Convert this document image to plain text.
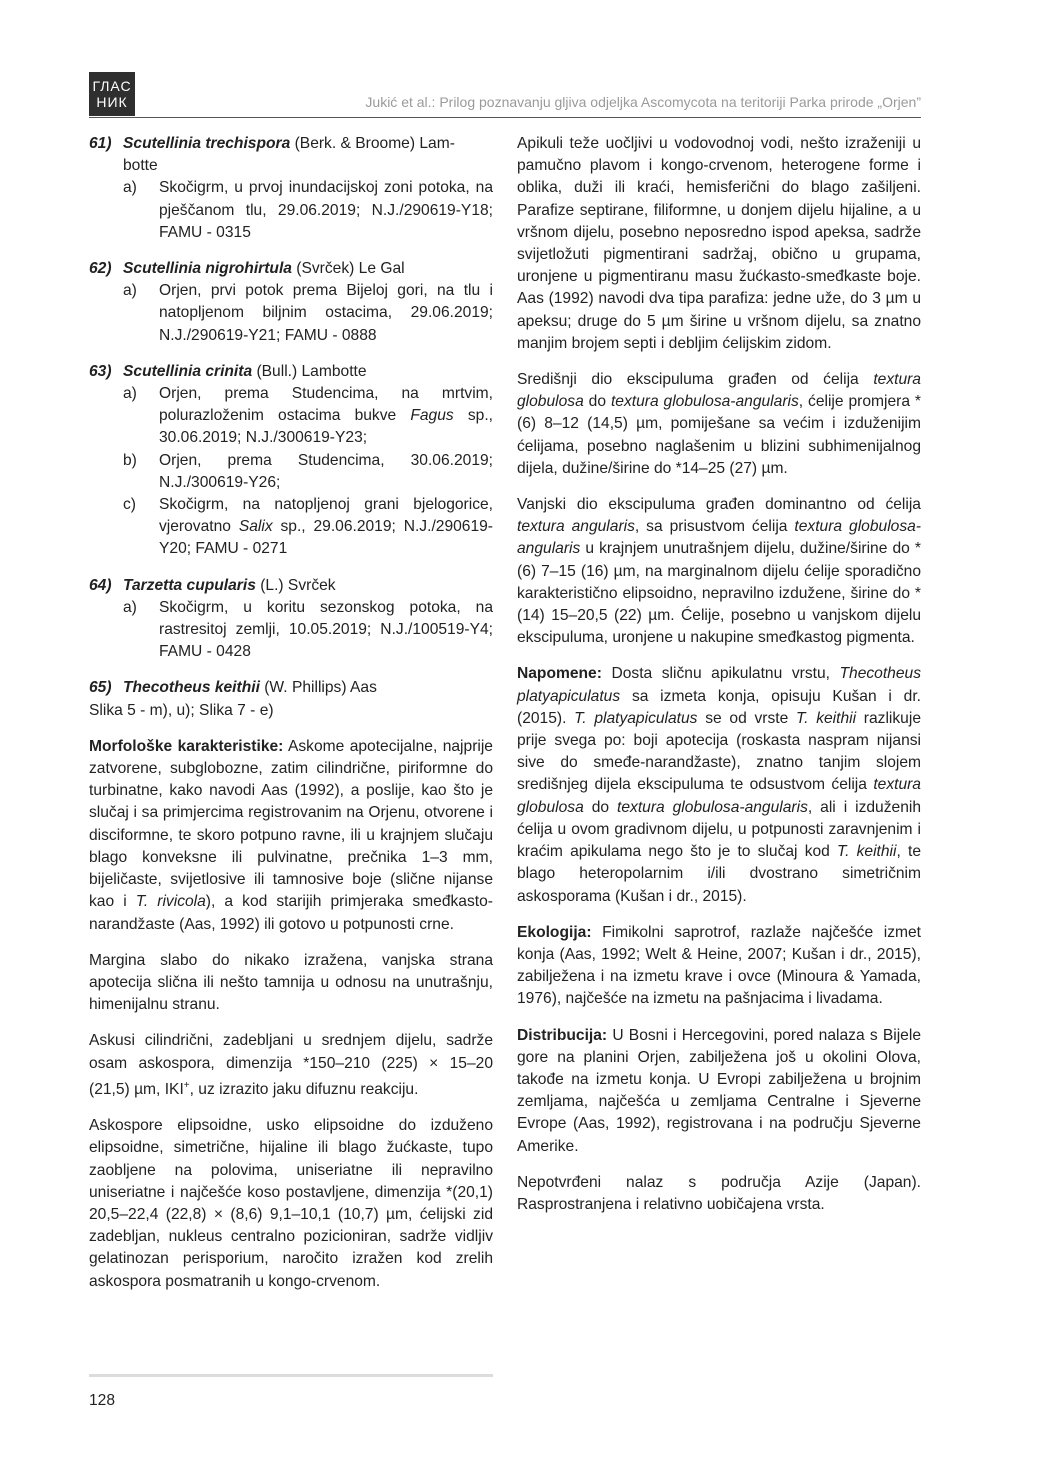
ГЛАС
НИК	Jukić et al.: Prilog poznavanju gljiva odjeljka Ascomycota na teritoriji Parka prirode „Orjen”
61) Scutellinia trechispora (Berk. & Broome) Lam-
botte
a)	Skočigrm, u prvoj inundacijskoj zoni potoka, na pješčanom tlu, 29.06.2019; N.J./290619-Y18; FAMU - 0315
62) Scutellinia nigrohirtula (Svrček) Le Gal
a)	Orjen, prvi potok prema Bijeloj gori, na tlu i natopljenom biljnim ostacima, 29.06.2019; N.J./290619-Y21; FAMU - 0888
63) Scutellinia crinita (Bull.) Lambotte
a)	Orjen, prema Studencima, na mrtvim, polurazloženim ostacima bukve Fagus sp., 30.06.2019; N.J./300619-Y23;
b)	Orjen, prema Studencima, 30.06.2019; N.J./300619-Y26;
c)	Skočigrm, na natopljenoj grani bjelogorice, vjerovatno Salix sp., 29.06.2019; N.J./290619-Y20; FAMU - 0271
64) Tarzetta cupularis (L.) Svrček
a)	Skočigrm, u koritu sezonskog potoka, na rastresitoj zemlji, 10.05.2019; N.J./100519-Y4; FAMU - 0428
65) Thecotheus keithii (W. Phillips) Aas
Slika 5 - m), u); Slika 7 - e)

Morfološke karakteristike: Askome apotecijalne, najprije zatvorene, subglobozne, zatim cilindrične, piriformne do turbinatne, kako navodi Aas (1992), a poslije, kao što je slučaj i sa primjercima registrovanim na Orjenu, otvorene i disciformne, te skoro potpuno ravne, ili u krajnjem slučaju blago konveksne ili pulvinatne, prečnika 1–3 mm, bijeličaste, svijetlosive ili tamnosive boje (slične nijanse kao i T. rivicola), a kod starijih primjeraka smeđkasto-narandžaste (Aas, 1992) ili gotovo u potpunosti crne.

Margina slabo do nikako izražena, vanjska strana apotecija slična ili nešto tamnija u odnosu na unutrašnju, himenijalnu stranu.

Askusi cilindrični, zadebljani u srednjem dijelu, sadrže osam askospora, dimenzija *150–210 (225) × 15–20 (21,5) µm, IKI+, uz izrazito jaku difuznu reakciju.

Askospore elipsoidne, usko elipsoidne do izduženo elipsoidne, simetrične, hijaline ili blago žućkaste, tupo zaobljene na polovima, uniseriatne ili nepravilno uniseriatne i najčešće koso postavljene, dimenzija *(20,1) 20,5–22,4 (22,8) × (8,6) 9,1–10,1 (10,7) µm, ćelijski zid zadebljan, nukleus centralno pozicioniran, sadrže vidljiv gelatinozan perisporium, naročito izražen kod zrelih askospora posmatranih u kongo-crvenom.

Apikuli teže uočljivi u vodovodnoj vodi, nešto izraženiji u pamučno plavom i kongo-crvenom, heterogene forme i oblika, duži ili kraći, hemisferični do blago zašiljeni. Parafize septirane, filiformne, u donjem dijelu hijaline, a u vršnom dijelu, posebno neposredno ispod apeksa, sadrže svijetložuti pigmentirani sadržaj, obično u grupama, uronjene u pigmentiranu masu žućkasto-smeđkaste boje. Aas (1992) navodi dva tipa parafiza: jedne uže, do 3 µm u apeksu; druge do 5 µm širine u vršnom dijelu, sa znatno manjim brojem septi i debljim ćelijskim zidom.

Središnji dio ekscipuluma građen od ćelija textura globulosa do textura globulosa-angularis, ćelije promjera *(6) 8–12 (14,5) µm, pomiješane sa većim i izduženijim ćelijama, posebno naglašenim u blizini subhimenijalnog dijela, dužine/širine do *14–25 (27) µm.

Vanjski dio ekscipuluma građen dominantno od ćelija textura angularis, sa prisustvom ćelija textura globulosa-angularis u krajnjem unutrašnjem dijelu, dužine/širine do *(6) 7–15 (16) µm, na marginalnom dijelu ćelije sporadično karakteristično elipsoidno, nepravilno izdužene, širine do *(14) 15–20,5 (22) µm. Ćelije, posebno u vanjskom dijelu ekscipuluma, uronjene u nakupine smeđkastog pigmenta.

Napomene: Dosta sličnu apikulatnu vrstu, Thecotheus platyapiculatus sa izmeta konja, opisuju Kušan i dr. (2015). T. platyapiculatus se od vrste T. keithii razlikuje prije svega po: boji apotecija (roskasta naspram nijansi sive do smeđe-narandžaste), znatno tanjim slojem središnjeg dijela ekscipuluma te odsustvom ćelija textura globulosa do textura globulosa-angularis, ali i izduženih ćelija u ovom gradivnom dijelu, u potpunosti zaravnjenim i kraćim apikulama nego što je to slučaj kod T. keithii, te blago heteropolarnim i/ili dvostrano simetričnim askosporama (Kušan i dr., 2015).

Ekologija: Fimikolni saprotrof, razlaže najčešće izmet konja (Aas, 1992; Welt & Heine, 2007; Kušan i dr., 2015), zabilježena i na izmetu krave i ovce (Minoura & Yamada, 1976), najčešće na izmetu na pašnjacima i livadama.

Distribucija: U Bosni i Hercegovini, pored nalaza s Bijele gore na planini Orjen, zabilježena još u okolini Olova, takođe na izmetu konja. U Evropi zabilježena u brojnim zemljama, najčešća u zemljama Centralne i Sjeverne Evrope (Aas, 1992), registrovana i na području Sjeverne Amerike.

Nepotvrđeni nalaz s područja Azije (Japan). Rasprostranjena i relativno uobičajena vrsta.

128
